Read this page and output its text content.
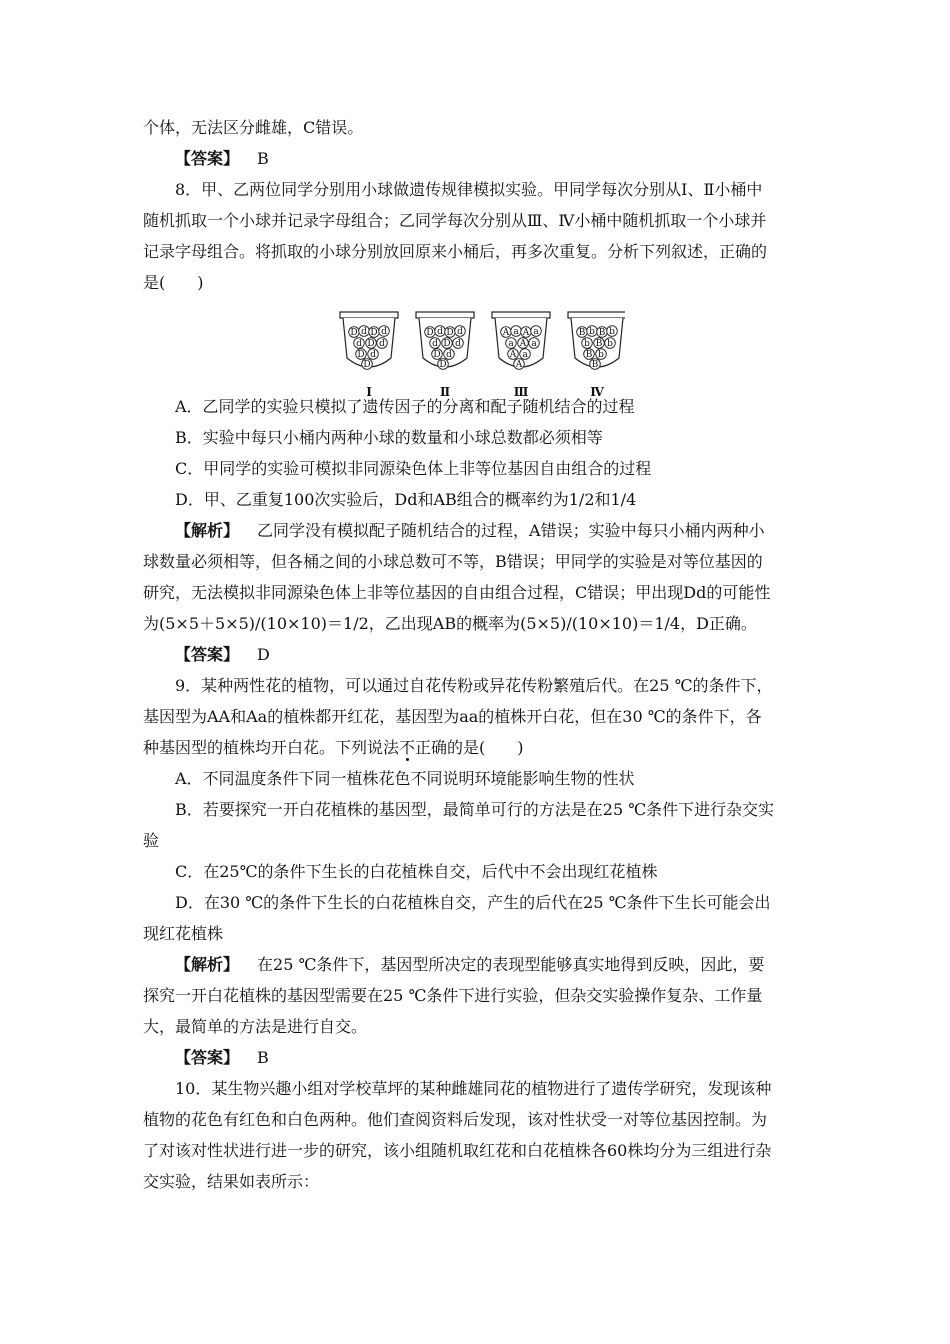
个体，无法区分雌雄，C错误。

【答案】 B

8．甲、乙两位同学分别用小球做遗传规律模拟实验。甲同学每次分别从Ⅰ、Ⅱ小桶中

随机抓取一个小球并记录字母组合；乙同学每次分别从Ⅲ、Ⅳ小桶中随机抓取一个小球并

记录字母组合。将抓取的小球分别放回原来小桶后，再多次重复。分析下列叙述，正确的

是(　　)

A．乙同学的实验只模拟了遗传因子的分离和配子随机结合的过程

B．实验中每只小桶内两种小球的数量和小球总数都必须相等

C．甲同学的实验可模拟非同源染色体上非等位基因自由组合的过程

D．甲、乙重复100次实验后，Dd和AB组合的概率约为1/2和1/4

【解析】 乙同学没有模拟配子随机结合的过程，A错误；实验中每只小桶内两种小

球数量必须相等，但各桶之间的小球总数可不等，B错误；甲同学的实验是对等位基因的

研究，无法模拟非同源染色体上非等位基因的自由组合过程，C错误；甲出现Dd的可能性

为(5×5＋5×5)/(10×10)＝1/2，乙出现AB的概率为(5×5)/(10×10)＝1/4，D正确。

【答案】 D

9．某种两性花的植物，可以通过自花传粉或异花传粉繁殖后代。在25 ℃的条件下，

基因型为AA和Aa的植株都开红花，基因型为aa的植株开白花，但在30 ℃的条件下，各

种基因型的植株均开白花。下列说法不正确的是(　　)

A．不同温度条件下同一植株花色不同说明环境能影响生物的性状

B．若要探究一开白花植株的基因型，最简单可行的方法是在25 ℃条件下进行杂交实

验

C．在25℃的条件下生长的白花植株自交，后代中不会出现红花植株

D．在30 ℃的条件下生长的白花植株自交，产生的后代在25 ℃条件下生长可能会出

现红花植株

【解析】 在25 ℃条件下，基因型所决定的表现型能够真实地得到反映，因此，要

探究一开白花植株的基因型需要在25 ℃条件下进行实验，但杂交实验操作复杂、工作量

大，最简单的方法是进行自交。

【答案】 B

10．某生物兴趣小组对学校草坪的某种雌雄同花的植物进行了遗传学研究，发现该种

植物的花色有红色和白色两种。他们查阅资料后发现，该对性状受一对等位基因控制。为

了对该对性状进行进一步的研究，该小组随机取红花和白花植株各60株均分为三组进行杂

交实验，结果如表所示：

D d D d
d D d
D d
D
Ⅰ
D d D d
d D d
D d
D
Ⅱ
A a A a
a A a
A a
A
Ⅲ
B b B b
b B b
B b
B
Ⅳ
